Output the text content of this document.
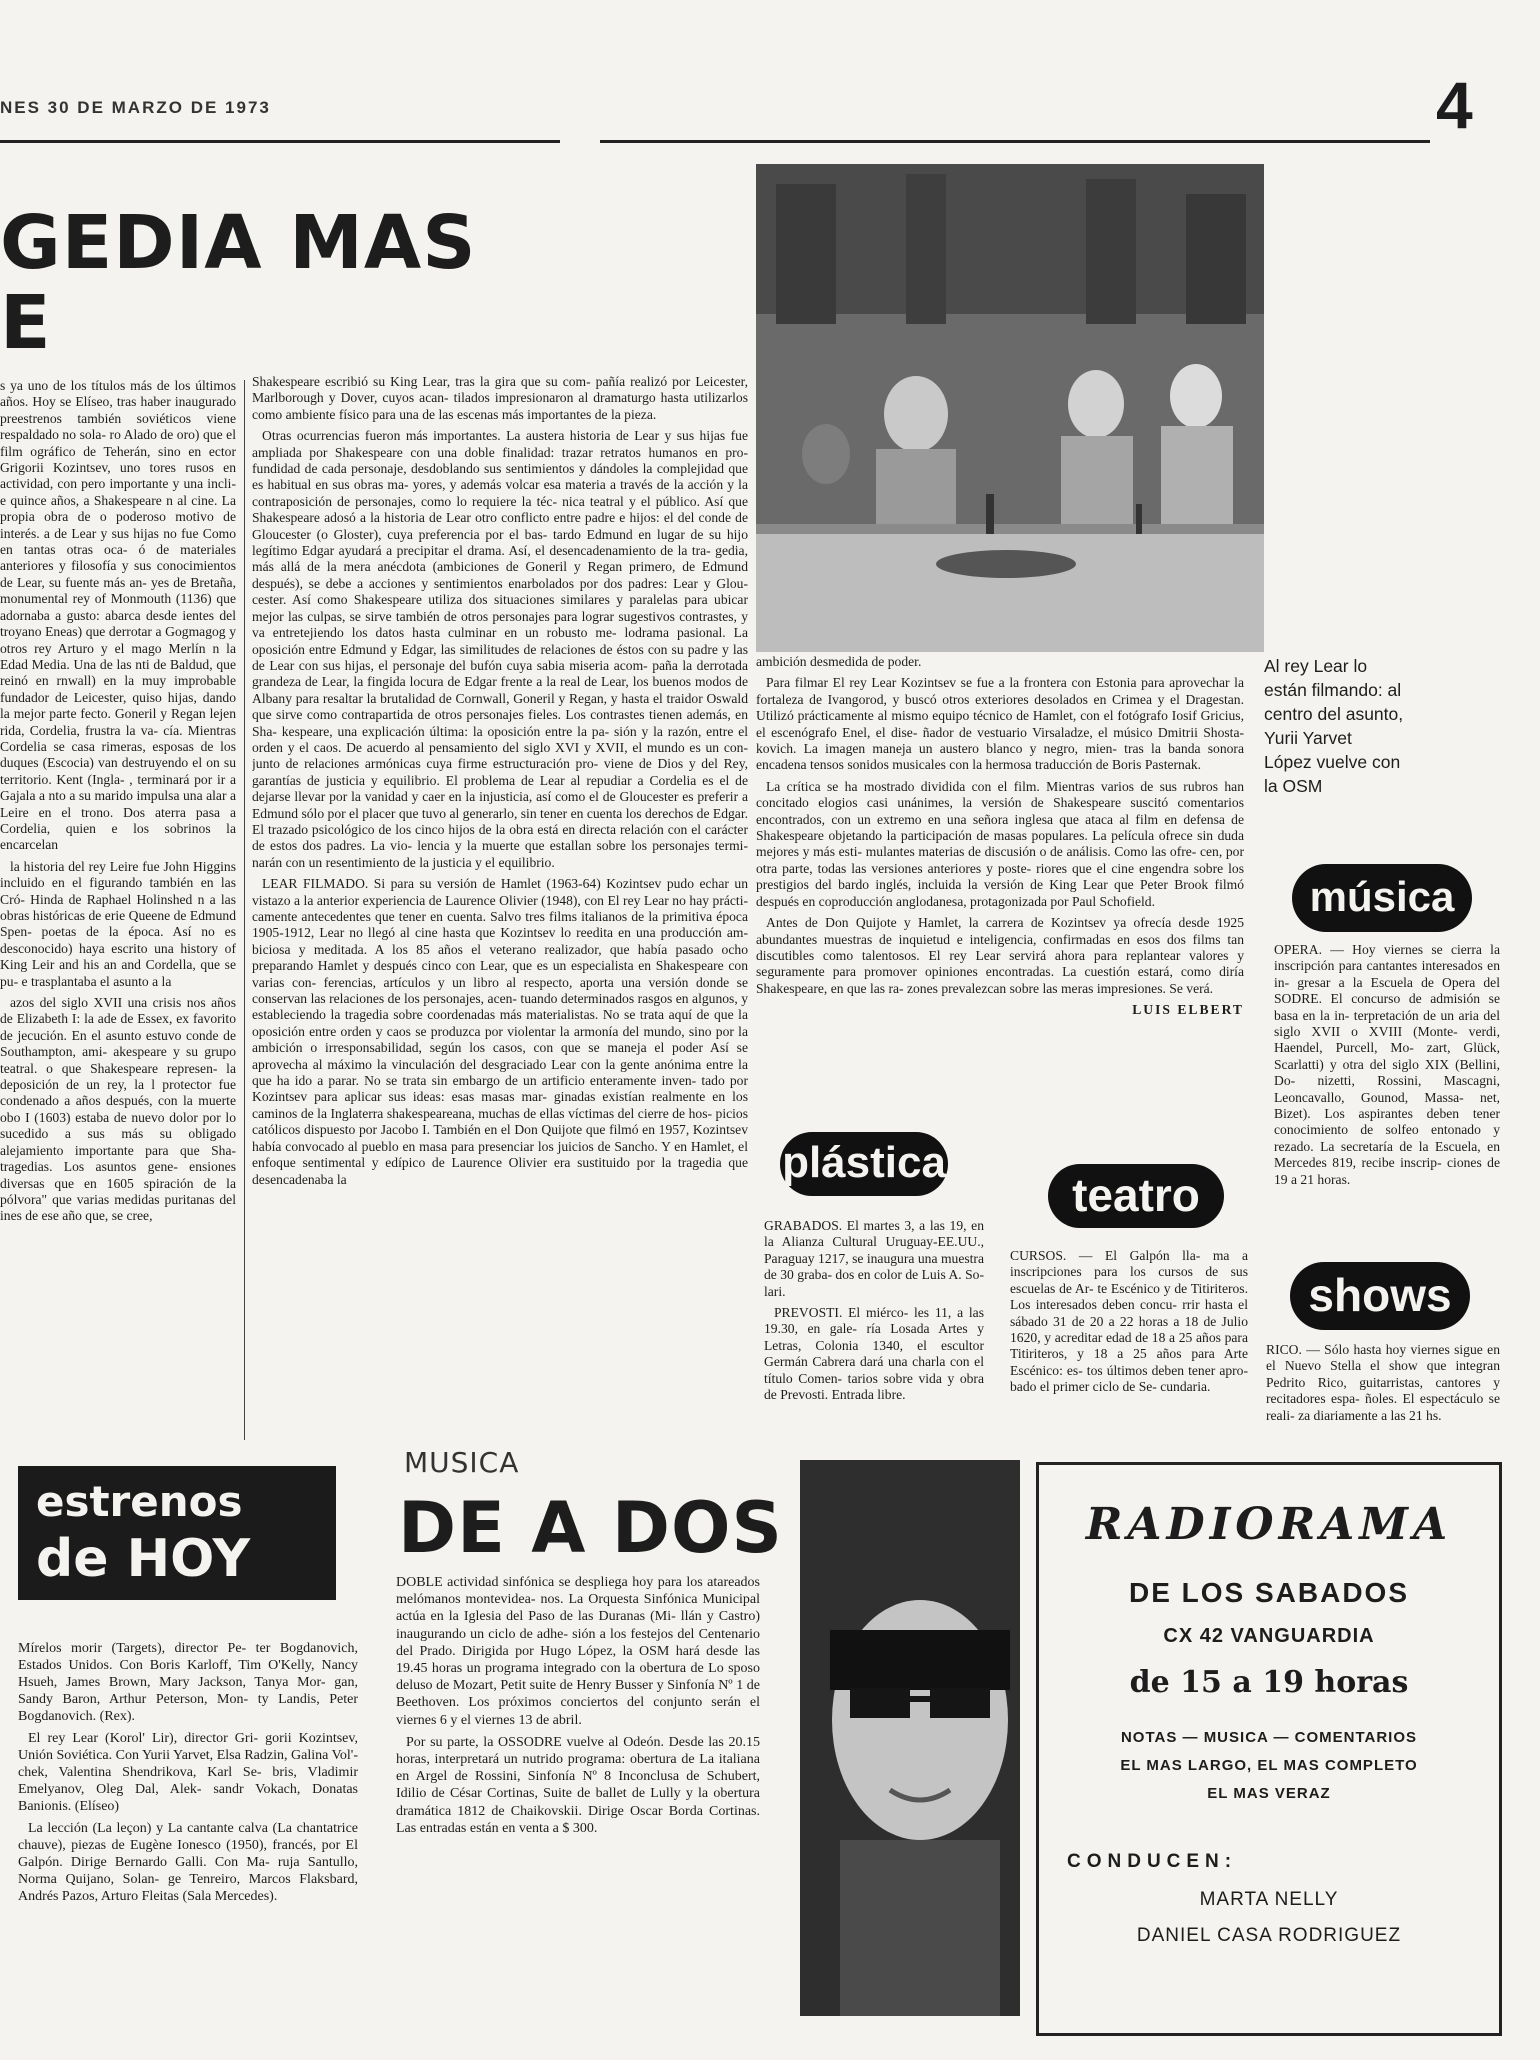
NES 30 DE MARZO DE 1973	4
GEDIA MAS
E

s ya uno de los títulos más de los últimos años. Hoy se Elíseo, tras haber inaugurado preestrenos también soviéticos viene respaldado no sola- ro Alado de oro) que el film ográfico de Teherán, sino en ector Grigorii Kozintsev, uno tores rusos en actividad, con pero importante y una incli- e quince años, a Shakespeare n al cine. La propia obra de o poderoso motivo de interés. a de Lear y sus hijas no fue Como en tantas otras oca- ó de materiales anteriores y filosofía y sus conocimientos de Lear, su fuente más an- yes de Bretaña, monumental rey of Monmouth (1136) que adornaba a gusto: abarca desde ientes del troyano Eneas) que derrotar a Gogmagog y otros rey Arturo y el mago Merlín n la Edad Media. Una de las nti de Baldud, que reinó en rnwall) en la muy improbable fundador de Leicester, quiso hijas, dando la mejor parte fecto. Goneril y Regan lejen rida, Cordelia, frustra la va- cía. Mientras Cordelia se casa rimeras, esposas de los duques (Escocia) van destruyendo el on su territorio. Kent (Ingla- , terminará por ir a Gajala a nto a su marido impulsa una alar a Leire en el trono. Dos aterra pasa a Cordelia, quien e los sobrinos la encarcelan

la historia del rey Leire fue John Higgins incluido en el figurando también en las Cró- Hinda de Raphael Holinshed n a las obras históricas de erie Queene de Edmund Spen- poetas de la época. Así no es desconocido) haya escrito una history of King Leir and his an and Cordella, que se pu- e trasplantaba el asunto a la

azos del siglo XVII una crisis nos años de Elizabeth I: la ade de Essex, ex favorito de jecución. En el asunto estuvo conde de Southampton, ami- akespeare y su grupo teatral. o que Shakespeare represen- la deposición de un rey, la l protector fue condenado a años después, con la muerte obo I (1603) estaba de nuevo dolor por lo sucedido a sus más su obligado alejamiento importante para que Sha- tragedias. Los asuntos gene- ensiones diversas que en 1605 spiración de la pólvora" que varias medidas puritanas del ines de ese año que, se cree,

Shakespeare escribió su King Lear, tras la gira que su com- pañía realizó por Leicester, Marlborough y Dover, cuyos acan- tilados impresionaron al dramaturgo hasta utilizarlos como ambiente físico para una de las escenas más importantes de la pieza.

Otras ocurrencias fueron más importantes. La austera historia de Lear y sus hijas fue ampliada por Shakespeare con una doble finalidad: trazar retratos humanos en pro- fundidad de cada personaje, desdoblando sus sentimientos y dándoles la complejidad que es habitual en sus obras ma- yores, y además volcar esa materia a través de la acción y la contraposición de personajes, como lo requiere la téc- nica teatral y el público. Así que Shakespeare adosó a la historia de Lear otro conflicto entre padre e hijos: el del conde de Gloucester (o Gloster), cuya preferencia por el bas- tardo Edmund en lugar de su hijo legítimo Edgar ayudará a precipitar el drama. Así, el desencadenamiento de la tra- gedia, más allá de la mera anécdota (ambiciones de Goneril y Regan primero, de Edmund después), se debe a acciones y sentimientos enarbolados por dos padres: Lear y Glou- cester. Así como Shakespeare utiliza dos situaciones similares y paralelas para ubicar mejor las culpas, se sirve también de otros personajes para lograr sugestivos contrastes, y va entretejiendo los datos hasta culminar en un robusto me- lodrama pasional. La oposición entre Edmund y Edgar, las similitudes de relaciones de éstos con su padre y las de Lear con sus hijas, el personaje del bufón cuya sabia miseria acom- paña la derrotada grandeza de Lear, la fingida locura de Edgar frente a la real de Lear, los buenos modos de Albany para resaltar la brutalidad de Cornwall, Goneril y Regan, y hasta el traidor Oswald que sirve como contrapartida de otros personajes fieles. Los contrastes tienen además, en Sha- kespeare, una explicación última: la oposición entre la pa- sión y la razón, entre el orden y el caos. De acuerdo al pensamiento del siglo XVI y XVII, el mundo es un con- junto de relaciones armónicas cuya firme estructuración pro- viene de Dios y del Rey, garantías de justicia y equilibrio. El problema de Lear al repudiar a Cordelia es el de dejarse llevar por la vanidad y caer en la injusticia, así como el de Gloucester es preferir a Edmund sólo por el placer que tuvo al generarlo, sin tener en cuenta los derechos de Edgar. El trazado psicológico de los cinco hijos de la obra está en directa relación con el carácter de estos dos padres. La vio- lencia y la muerte que estallan sobre los personajes termi- narán con un resentimiento de la justicia y el equilibrio.

LEAR FILMADO. Si para su versión de Hamlet (1963-64) Kozintsev pudo echar un vistazo a la anterior experiencia de Laurence Olivier (1948), con El rey Lear no hay prácti- camente antecedentes que tener en cuenta. Salvo tres films italianos de la primitiva época 1905-1912, Lear no llegó al cine hasta que Kozintsev lo reedita en una producción am- biciosa y meditada. A los 85 años el veterano realizador, que había pasado ocho preparando Hamlet y después cinco con Lear, que es un especialista en Shakespeare con varias con- ferencias, artículos y un libro al respecto, aporta una versión donde se conservan las relaciones de los personajes, acen- tuando determinados rasgos en algunos, y estableciendo la tragedia sobre coordenadas más materialistas. No se trata aquí de que la oposición entre orden y caos se produzca por violentar la armonía del mundo, sino por la ambición o irresponsabilidad, según los casos, con que se maneja el poder Así se aprovecha al máximo la vinculación del desgraciado Lear con la gente anónima entre la que ha ido a parar. No se trata sin embargo de un artificio enteramente inven- tado por Kozintsev para aplicar sus ideas: esas masas mar- ginadas existían realmente en los caminos de la Inglaterra shakespeareana, muchas de ellas víctimas del cierre de hos- picios católicos dispuesto por Jacobo I. También en el Don Quijote que filmó en 1957, Kozintsev había convocado al pueblo en masa para presenciar los juicios de Sancho. Y en Hamlet, el enfoque sentimental y edípico de Laurence Olivier era sustituido por la tragedia que desencadenaba la

Al rey Lear lo están filmando: al centro del asunto, Yurii Yarvet López vuelve con la OSM

ambición desmedida de poder.

Para filmar El rey Lear Kozintsev se fue a la frontera con Estonia para aprovechar la fortaleza de Ivangorod, y buscó otros exteriores desolados en Crimea y el Dragestan. Utilizó prácticamente al mismo equipo técnico de Hamlet, con el fotógrafo Iosif Gricius, el escenógrafo Enel, el dise- ñador de vestuario Virsaladze, el músico Dmitrii Shosta- kovich. La imagen maneja un austero blanco y negro, mien- tras la banda sonora encadena tensos sonidos musicales con la hermosa traducción de Boris Pasternak.

La crítica se ha mostrado dividida con el film. Mientras varios de sus rubros han concitado elogios casi unánimes, la versión de Shakespeare suscitó comentarios encontrados, con un extremo en una señora inglesa que ataca al film en defensa de Shakespeare objetando la participación de masas populares. La película ofrece sin duda mejores y más esti- mulantes materias de discusión o de análisis. Como las ofre- cen, por otra parte, todas las versiones anteriores y poste- riores que el cine engendra sobre los prestigios del bardo inglés, incluida la versión de King Lear que Peter Brook filmó después en coproducción anglodanesa, protagonizada por Paul Schofield.

Antes de Don Quijote y Hamlet, la carrera de Kozintsev ya ofrecía desde 1925 abundantes muestras de inquietud e inteligencia, confirmadas en esos dos films tan discutibles como talentosos. El rey Lear servirá ahora para replantear valores y seguramente para promover opiniones encontradas. La cuestión estará, como diría Shakespeare, en que las ra- zones prevalezcan sobre las meras impresiones. Se verá.

LUIS ELBERT

plástica

GRABADOS. El martes 3, a las 19, en la Alianza Cultural Uruguay-EE.UU., Paraguay 1217, se inaugura una muestra de 30 graba- dos en color de Luis A. So- lari.

PREVOSTI. El miérco- les 11, a las 19.30, en gale- ría Losada Artes y Letras, Colonia 1340, el escultor Germán Cabrera dará una charla con el título Comen- tarios sobre vida y obra de Prevosti. Entrada libre.

teatro

CURSOS. — El Galpón lla- ma a inscripciones para los cursos de sus escuelas de Ar- te Escénico y de Titiriteros. Los interesados deben concu- rrir hasta el sábado 31 de 20 a 22 horas a 18 de Julio 1620, y acreditar edad de 18 a 25 años para Titiriteros, y 18 a 25 años para Arte Escénico: es- tos últimos deben tener apro- bado el primer ciclo de Se- cundaria.

música

OPERA. — Hoy viernes se cierra la inscripción para cantantes interesados en in- gresar a la Escuela de Opera del SODRE. El concurso de admisión se basa en la in- terpretación de un aria del siglo XVII o XVIII (Monte- verdi, Haendel, Purcell, Mo- zart, Glück, Scarlatti) y otra del siglo XIX (Bellini, Do- nizetti, Rossini, Mascagni, Leoncavallo, Gounod, Massa- net, Bizet). Los aspirantes deben tener conocimiento de solfeo entonado y rezado. La secretaría de la Escuela, en Mercedes 819, recibe inscrip- ciones de 19 a 21 horas.

shows

RICO. — Sólo hasta hoy viernes sigue en el Nuevo Stella el show que integran Pedrito Rico, guitarristas, cantores y recitadores espa- ñoles. El espectáculo se reali- za diariamente a las 21 hs.

estrenos
de HOY

Mírelos morir (Targets), director Pe- ter Bogdanovich, Estados Unidos. Con Boris Karloff, Tim O'Kelly, Nancy Hsueh, James Brown, Mary Jackson, Tanya Mor- gan, Sandy Baron, Arthur Peterson, Mon- ty Landis, Peter Bogdanovich. (Rex).

El rey Lear (Korol' Lir), director Gri- gorii Kozintsev, Unión Soviética. Con Yurii Yarvet, Elsa Radzin, Galina Vol'- chek, Valentina Shendrikova, Karl Se- bris, Vladimir Emelyanov, Oleg Dal, Alek- sandr Vokach, Donatas Banionis. (Elíseo)

La lección (La leçon) y La cantante calva (La chantatrice chauve), piezas de Eugène Ionesco (1950), francés, por El Galpón. Dirige Bernardo Galli. Con Ma- ruja Santullo, Norma Quijano, Solan- ge Tenreiro, Marcos Flaksbard, Andrés Pazos, Arturo Fleitas (Sala Mercedes).

MUSICA
DE A DOS

DOBLE actividad sinfónica se despliega hoy para los atareados melómanos montevidea- nos. La Orquesta Sinfónica Municipal actúa en la Iglesia del Paso de las Duranas (Mi- llán y Castro) inaugurando un ciclo de adhe- sión a los festejos del Centenario del Prado. Dirigida por Hugo López, la OSM hará desde las 19.45 horas un programa integrado con la obertura de Lo sposo deluso de Mozart, Petit suite de Henry Busser y Sinfonía Nº 1 de Beethoven. Los próximos conciertos del conjunto serán el viernes 6 y el viernes 13 de abril.

Por su parte, la OSSODRE vuelve al Odeón. Desde las 20.15 horas, interpretará un nutrido programa: obertura de La italiana en Argel de Rossini, Sinfonía Nº 8 Inconclusa de Schubert, Idilio de César Cortinas, Suite de ballet de Lully y la obertura dramática 1812 de Chaikovskii. Dirige Oscar Borda Cortinas. Las entradas están en venta a $ 300.

RADIORAMA
DE LOS SABADOS
CX 42 VANGUARDIA
de 15 a 19 horas
NOTAS — MUSICA — COMENTARIOS
EL MAS LARGO, EL MAS COMPLETO
EL MAS VERAZ
CONDUCEN:
MARTA NELLY
DANIEL CASA RODRIGUEZ
